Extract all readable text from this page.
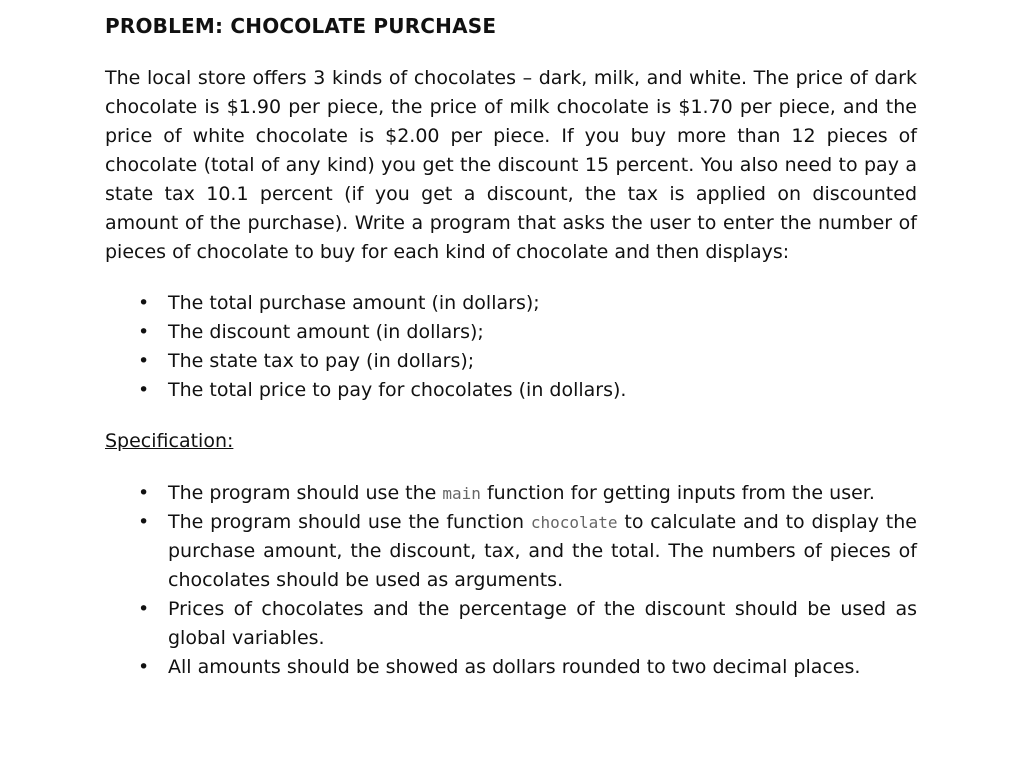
PROBLEM: CHOCOLATE PURCHASE

The local store offers 3 kinds of chocolates – dark, milk, and white. The price of dark chocolate is $1.90 per piece, the price of milk chocolate is $1.70 per piece, and the price of white chocolate is $2.00 per piece. If you buy more than 12 pieces of chocolate (total of any kind) you get the discount 15 percent. You also need to pay a state tax 10.1 percent (if you get a discount, the tax is applied on discounted amount of the purchase). Write a program that asks the user to enter the number of pieces of chocolate to buy for each kind of chocolate and then displays:

• The total purchase amount (in dollars);
• The discount amount (in dollars);
• The state tax to pay (in dollars);
• The total price to pay for chocolates (in dollars).
Specification:
• The program should use the main function for getting inputs from the user.
• The program should use the function chocolate to calculate and to display the purchase amount, the discount, tax, and the total. The numbers of pieces of chocolates should be used as arguments.
• Prices of chocolates and the percentage of the discount should be used as global variables.
• All amounts should be showed as dollars rounded to two decimal places.
